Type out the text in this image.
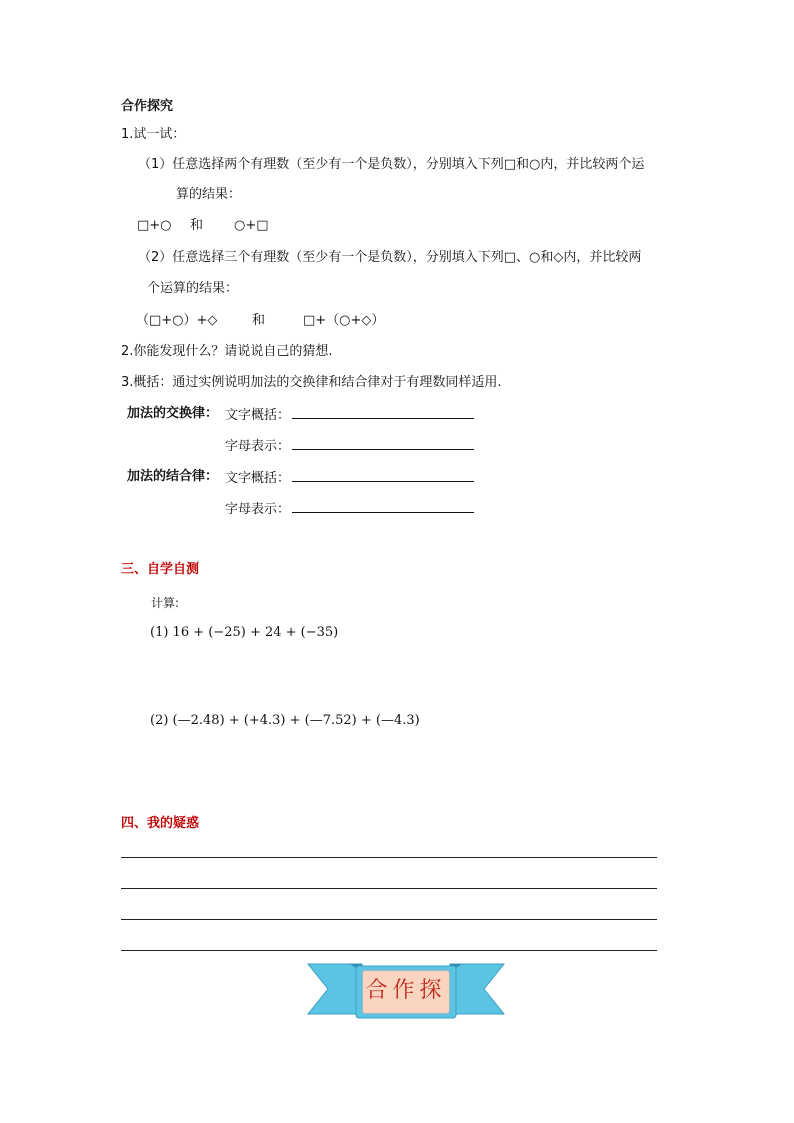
合作探究
1.试一试：
（1）任意选择两个有理数（至少有一个是负数），分别填入下列□和○内，并比较两个运
算的结果：
□+○ 和 ○+□
（2）任意选择三个有理数（至少有一个是负数），分别填入下列□、○和◇内，并比较两
个运算的结果：
（□+○）+◇	和	□+（○+◇）
2.你能发现什么？请说说自己的猜想.
3.概括：通过实例说明加法的交换律和结合律对于有理数同样适用.
加法的交换律： 文字概括：
字母表示：
加法的结合律： 文字概括：
字母表示：
三、自学自测
计算:
(1) 16 + (−25) + 24 + (−35)
(2) (—2.48) + (+4.3) + (—7.52) + (—4.3)
四、我的疑惑
合作探
